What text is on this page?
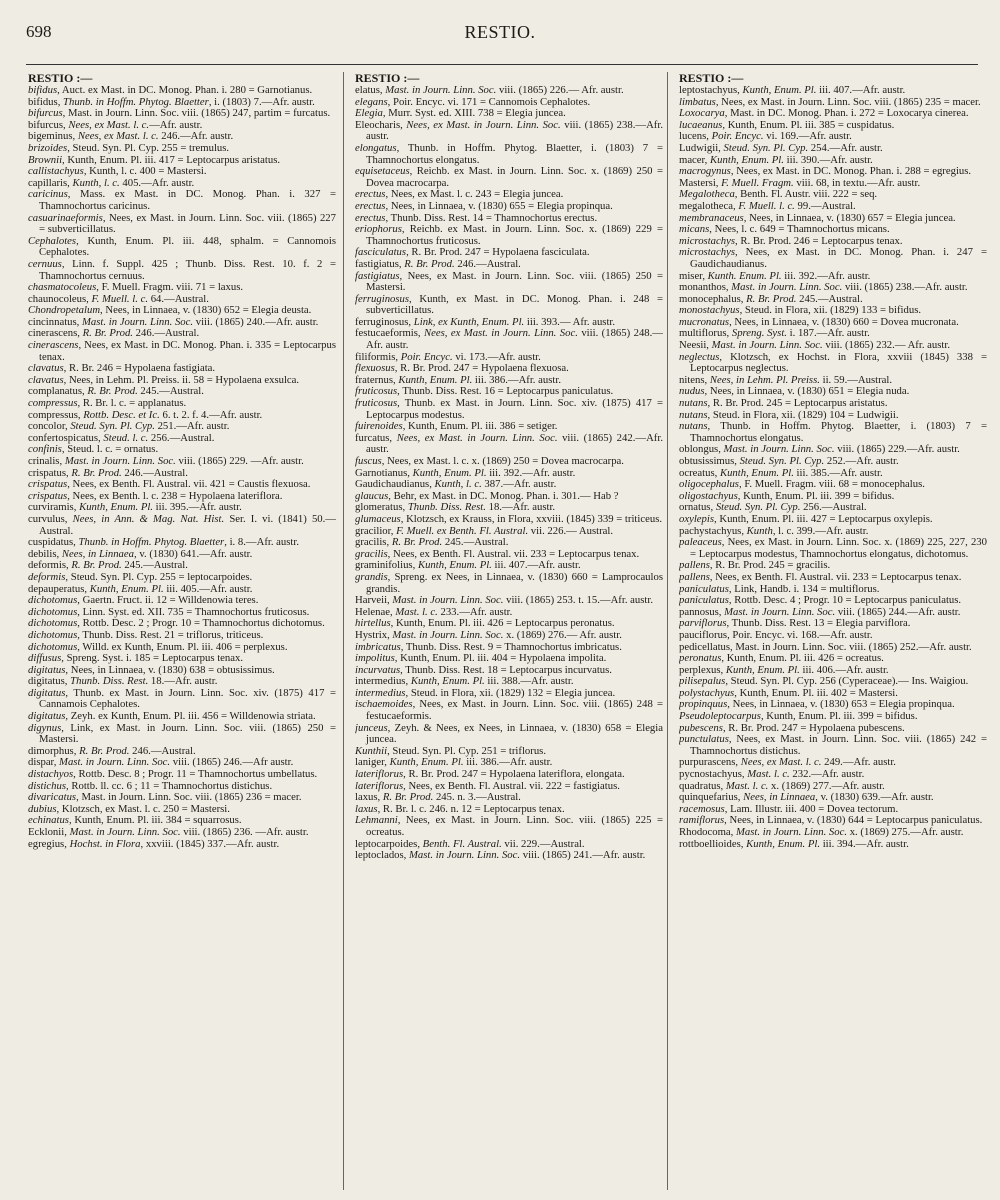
698	RESTIO.
RESTIO :—
bifidus, Auct. ex Mast. in DC. Monog. Phan. i. 280 = Garnotianus.
bifidus, Thunb. in Hoffm. Phytog. Blaetter, i. (1803) 7.—Afr. austr.
bifurcus, Mast. in Journ. Linn. Soc. viii. (1865) 247, partim = furcatus.
bifurcus, Nees, ex Mast. l. c.—Afr. austr.
bigeminus, Nees, ex Mast. l. c. 246.—Afr. austr.
brizoides, Steud. Syn. Pl. Cyp. 255 = tremulus.
Brownii, Kunth, Enum. Pl. iii. 417 = Leptocarpus aristatus.
callistachyus, Kunth, l. c. 400 = Mastersi.
capillaris, Kunth, l. c. 405.—Afr. austr.
caricinus, Mass. ex Mast. in DC. Monog. Phan. i. 327 = Thamnochortus caricinus.
casuarinaeformis, Nees, ex Mast. in Journ. Linn. Soc. viii. (1865) 227 = subverticillatus.
Cephalotes, Kunth, Enum. Pl. iii. 448, sphalm. = Cannomois Cephalotes.
cernuus, Linn. f. Suppl. 425 ; Thunb. Diss. Rest. 10. f. 2 = Thamnochortus cernuus.
chasmatocoleus, F. Muell. Fragm. viii. 71 = laxus.
chaunocoleus, F. Muell. l. c. 64.—Austral.
Chondropetalum, Nees, in Linnaea, v. (1830) 652 = Elegia deusta.
cincinnatus, Mast. in Journ. Linn. Soc. viii. (1865) 240.—Afr. austr.
cinerascens, R. Br. Prod. 246.—Austral.
cinerascens, Nees, ex Mast. in DC. Monog. Phan. i. 335 = Leptocarpus tenax.
clavatus, R. Br. 246 = Hypolaena fastigiata.
clavatus, Nees, in Lehm. Pl. Preiss. ii. 58 = Hypolaena exsulca.
complanatus, R. Br. Prod. 245.—Austral.
compressus, R. Br. l. c. = applanatus.
compressus, Rottb. Desc. et Ic. 6. t. 2. f. 4.—Afr. austr.
concolor, Steud. Syn. Pl. Cyp. 251.—Afr. austr.
confertospicatus, Steud. l. c. 256.—Austral.
confinis, Steud. l. c. = ornatus.
crinalis, Mast. in Journ. Linn. Soc. viii. (1865) 229. —Afr. austr.
crispatus, R. Br. Prod. 246.—Austral.
crispatus, Nees, ex Benth. Fl. Austral. vii. 421 = Caustis flexuosa.
crispatus, Nees, ex Benth. l. c. 238 = Hypolaena lateriflora.
curviramis, Kunth, Enum. Pl. iii. 395.—Afr. austr.
curvulus, Nees, in Ann. & Mag. Nat. Hist. Ser. I. vi. (1841) 50.—Austral.
cuspidatus, Thunb. in Hoffm. Phytog. Blaetter, i. 8.—Afr. austr.
debilis, Nees, in Linnaea, v. (1830) 641.—Afr. austr.
deformis, R. Br. Prod. 245.—Austral.
deformis, Steud. Syn. Pl. Cyp. 255 = leptocarpoides.
depauperatus, Kunth, Enum. Pl. iii. 405.—Afr. austr.
dichotomus, Gaertn. Fruct. ii. 12 = Willdenowia teres.
dichotomus, Linn. Syst. ed. XII. 735 = Thamnochortus fruticosus.
dichotomus, Rottb. Desc. 2 ; Progr. 10 = Thamnochortus dichotomus.
dichotomus, Thunb. Diss. Rest. 21 = triflorus, triticeus.
dichotomus, Willd. ex Kunth, Enum. Pl. iii. 406 = perplexus.
diffusus, Spreng. Syst. i. 185 = Leptocarpus tenax.
digitatus, Nees, in Linnaea, v. (1830) 638 = obtusissimus.
digitatus, Thunb. Diss. Rest. 18.—Afr. austr.
digitatus, Thunb. ex Mast. in Journ. Linn. Soc. xiv. (1875) 417 = Cannamois Cephalotes.
digitatus, Zeyh. ex Kunth, Enum. Pl. iii. 456 = Willdenowia striata.
digynus, Link, ex Mast. in Journ. Linn. Soc. viii. (1865) 250 = Mastersi.
dimorphus, R. Br. Prod. 246.—Austral.
dispar, Mast. in Journ. Linn. Soc. viii. (1865) 246.—Afr austr.
distachyos, Rottb. Desc. 8 ; Progr. 11 = Thamnochortus umbellatus.
distichus, Rottb. ll. cc. 6 ; 11 = Thamnochortus distichus.
divaricatus, Mast. in Journ. Linn. Soc. viii. (1865) 236 = macer.
dubius, Klotzsch, ex Mast. l. c. 250 = Mastersi.
echinatus, Kunth, Enum. Pl. iii. 384 = squarrosus.
Ecklonii, Mast. in Journ. Linn. Soc. viii. (1865) 236. —Afr. austr.
egregius, Hochst. in Flora, xxviii. (1845) 337.—Afr. austr.
RESTIO :—
elatus, Mast. in Journ. Linn. Soc. viii. (1865) 226.— Afr. austr.
elegans, Poir. Encyc. vi. 171 = Cannomois Cephalotes.
Elegia, Murr. Syst. ed. XIII. 738 = Elegia juncea.
Eleocharis, Nees, ex Mast. in Journ. Linn. Soc. viii. (1865) 238.—Afr. austr.
elongatus, Thunb. in Hoffm. Phytog. Blaetter, i. (1803) 7 = Thamnochortus elongatus.
equisetaceus, Reichb. ex Mast. in Journ. Linn. Soc. x. (1869) 250 = Dovea macrocarpa.
erectus, Nees, ex Mast. l. c. 243 = Elegia juncea.
erectus, Nees, in Linnaea, v. (1830) 655 = Elegia propinqua.
erectus, Thunb. Diss. Rest. 14 = Thamnochortus erectus.
eriophorus, Reichb. ex Mast. in Journ. Linn. Soc. x. (1869) 229 = Thamnochortus fruticosus.
fasciculatus, R. Br. Prod. 247 = Hypolaena fasciculata.
fastigiatus, R. Br. Prod. 246.—Austral.
fastigiatus, Nees, ex Mast. in Journ. Linn. Soc. viii. (1865) 250 = Mastersi.
ferruginosus, Kunth, ex Mast. in DC. Monog. Phan. i. 248 = subverticillatus.
ferruginosus, Link, ex Kunth, Enum. Pl. iii. 393.— Afr. austr.
festucaeformis, Nees, ex Mast. in Journ. Linn. Soc. viii. (1865) 248.— Afr. austr.
filiformis, Poir. Encyc. vi. 173.—Afr. austr.
flexuosus, R. Br. Prod. 247 = Hypolaena flexuosa.
fraternus, Kunth, Enum. Pl. iii. 386.—Afr. austr.
fruticosus, Thunb. Diss. Rest. 16 = Leptocarpus paniculatus.
fruticosus, Thunb. ex Mast. in Journ. Linn. Soc. xiv. (1875) 417 = Leptocarpus modestus.
fuirenoides, Kunth, Enum. Pl. iii. 386 = setiger.
furcatus, Nees, ex Mast. in Journ. Linn. Soc. viii. (1865) 242.—Afr. austr.
fuscus, Nees, ex Mast. l. c. x. (1869) 250 = Dovea macrocarpa.
Garnotianus, Kunth, Enum. Pl. iii. 392.—Afr. austr.
Gaudichaudianus, Kunth, l. c. 387.—Afr. austr.
glaucus, Behr, ex Mast. in DC. Monog. Phan. i. 301.— Hab ?
glomeratus, Thunb. Diss. Rest. 18.—Afr. austr.
glumaceus, Klotzsch, ex Krauss, in Flora, xxviii. (1845) 339 = triticeus.
gracilior, F. Muell. ex Benth. Fl. Austral. vii. 226.— Austral.
gracilis, R. Br. Prod. 245.—Austral.
gracilis, Nees, ex Benth. Fl. Austral. vii. 233 = Leptocarpus tenax.
graminifolius, Kunth, Enum. Pl. iii. 407.—Afr. austr.
grandis, Spreng. ex Nees, in Linnaea, v. (1830) 660 = Lamprocaulos grandis.
Harveii, Mast. in Journ. Linn. Soc. viii. (1865) 253. t. 15.—Afr. austr.
Helenae, Mast. l. c. 233.—Afr. austr.
hirtellus, Kunth, Enum. Pl. iii. 426 = Leptocarpus peronatus.
Hystrix, Mast. in Journ. Linn. Soc. x. (1869) 276.— Afr. austr.
imbricatus, Thunb. Diss. Rest. 9 = Thamnochortus imbricatus.
impolitus, Kunth, Enum. Pl. iii. 404 = Hypolaena impolita.
incurvatus, Thunb. Diss. Rest. 18 = Leptocarpus incurvatus.
intermedius, Kunth, Enum. Pl. iii. 388.—Afr. austr.
intermedius, Steud. in Flora, xii. (1829) 132 = Elegia juncea.
ischaemoides, Nees, ex Mast. in Journ. Linn. Soc. viii. (1865) 248 = festucaeformis.
junceus, Zeyh. & Nees, ex Nees, in Linnaea, v. (1830) 658 = Elegia juncea.
Kunthii, Steud. Syn. Pl. Cyp. 251 = triflorus.
laniger, Kunth, Enum. Pl. iii. 386.—Afr. austr.
lateriflorus, R. Br. Prod. 247 = Hypolaena lateriflora, elongata.
lateriflorus, Nees, ex Benth. Fl. Austral. vii. 222 = fastigiatus.
laxus, R. Br. Prod. 245. n. 3.—Austral.
laxus, R. Br. l. c. 246. n. 12 = Leptocarpus tenax.
Lehmanni, Nees, ex Mast. in Journ. Linn. Soc. viii. (1865) 225 = ocreatus.
leptocarpoides, Benth. Fl. Austral. vii. 229.—Austral.
leptoclados, Mast. in Journ. Linn. Soc. viii. (1865) 241.—Afr. austr.
RESTIO :—
leptostachyus, Kunth, Enum. Pl. iii. 407.—Afr. austr.
limbatus, Nees, ex Mast. in Journ. Linn. Soc. viii. (1865) 235 = macer.
Loxocarya, Mast. in DC. Monog. Phan. i. 272 = Loxocarya cinerea.
lucaeanus, Kunth, Enum. Pl. iii. 385 = cuspidatus.
lucens, Poir. Encyc. vi. 169.—Afr. austr.
Ludwigii, Steud. Syn. Pl. Cyp. 254.—Afr. austr.
macer, Kunth, Enum. Pl. iii. 390.—Afr. austr.
macrogynus, Nees, ex Mast. in DC. Monog. Phan. i. 288 = egregius.
Mastersi, F. Muell. Fragm. viii. 68, in textu.—Afr. austr.
Megalotheca, Benth. Fl. Austr. viii. 222 = seq.
megalotheca, F. Muell. l. c. 99.—Austral.
membranaceus, Nees, in Linnaea, v. (1830) 657 = Elegia juncea.
micans, Nees, l. c. 649 = Thamnochortus micans.
microstachys, R. Br. Prod. 246 = Leptocarpus tenax.
microstachys, Nees, ex Mast. in DC. Monog. Phan. i. 247 = Gaudichaudianus.
miser, Kunth. Enum. Pl. iii. 392.—Afr. austr.
monanthos, Mast. in Journ. Linn. Soc. viii. (1865) 238.—Afr. austr.
monocephalus, R. Br. Prod. 245.—Austral.
monostachyus, Steud. in Flora, xii. (1829) 133 = bifidus.
mucronatus, Nees, in Linnaea, v. (1830) 660 = Dovea mucronata.
multiflorus, Spreng. Syst. i. 187.—Afr. austr.
Neesii, Mast. in Journ. Linn. Soc. viii. (1865) 232.— Afr. austr.
neglectus, Klotzsch, ex Hochst. in Flora, xxviii (1845) 338 = Leptocarpus neglectus.
nitens, Nees, in Lehm. Pl. Preiss. ii. 59.—Austral.
nudus, Nees, in Linnaea, v. (1830) 651 = Elegia nuda.
nutans, R. Br. Prod. 245 = Leptocarpus aristatus.
nutans, Steud. in Flora, xii. (1829) 104 = Ludwigii.
nutans, Thunb. in Hoffm. Phytog. Blaetter, i. (1803) 7 = Thamnochortus elongatus.
oblongus, Mast. in Journ. Linn. Soc. viii. (1865) 229.—Afr. austr.
obtusissimus, Steud. Syn. Pl. Cyp. 252.—Afr. austr.
ocreatus, Kunth, Enum. Pl. iii. 385.—Afr. austr.
oligocephalus, F. Muell. Fragm. viii. 68 = monocephalus.
oligostachyus, Kunth, Enum. Pl. iii. 399 = bifidus.
ornatus, Steud. Syn. Pl. Cyp. 256.—Austral.
oxylepis, Kunth, Enum. Pl. iii. 427 = Leptocarpus oxylepis.
pachystachyus, Kunth, l. c. 399.—Afr. austr.
paleaceus, Nees, ex Mast. in Journ. Linn. Soc. x. (1869) 225, 227, 230 = Leptocarpus modestus, Thamnochortus elongatus, dichotomus.
pallens, R. Br. Prod. 245 = gracilis.
pallens, Nees, ex Benth. Fl. Austral. vii. 233 = Leptocarpus tenax.
paniculatus, Link, Handb. i. 134 = multiflorus.
paniculatus, Rottb. Desc. 4 ; Progr. 10 = Leptocarpus paniculatus.
pannosus, Mast. in Journ. Linn. Soc. viii. (1865) 244.—Afr. austr.
parviflorus, Thunb. Diss. Rest. 13 = Elegia parviflora.
pauciflorus, Poir. Encyc. vi. 168.—Afr. austr.
pedicellatus, Mast. in Journ. Linn. Soc. viii. (1865) 252.—Afr. austr.
peronatus, Kunth, Enum. Pl. iii. 426 = ocreatus.
perplexus, Kunth, Enum. Pl. iii. 406.—Afr. austr.
pilisepalus, Steud. Syn. Pl. Cyp. 256 (Cyperaceae).— Ins. Waigiou.
polystachyus, Kunth, Enum. Pl. iii. 402 = Mastersi.
propinquus, Nees, in Linnaea, v. (1830) 653 = Elegia propinqua.
Pseudoleptocarpus, Kunth, Enum. Pl. iii. 399 = bifidus.
pubescens, R. Br. Prod. 247 = Hypolaena pubescens.
punctulatus, Nees, ex Mast. in Journ. Linn. Soc. viii. (1865) 242 = Thamnochortus distichus.
purpurascens, Nees, ex Mast. l. c. 249.—Afr. austr.
pycnostachyus, Mast. l. c. 232.—Afr. austr.
quadratus, Mast. l. c. x. (1869) 277.—Afr. austr.
quinquefarius, Nees, in Linnaea, v. (1830) 639.—Afr. austr.
racemosus, Lam. Illustr. iii. 400 = Dovea tectorum.
ramiflorus, Nees, in Linnaea, v. (1830) 644 = Leptocarpus paniculatus.
Rhodocoma, Mast. in Journ. Linn. Soc. x. (1869) 275.—Afr. austr.
rottboellioides, Kunth, Enum. Pl. iii. 394.—Afr. austr.
